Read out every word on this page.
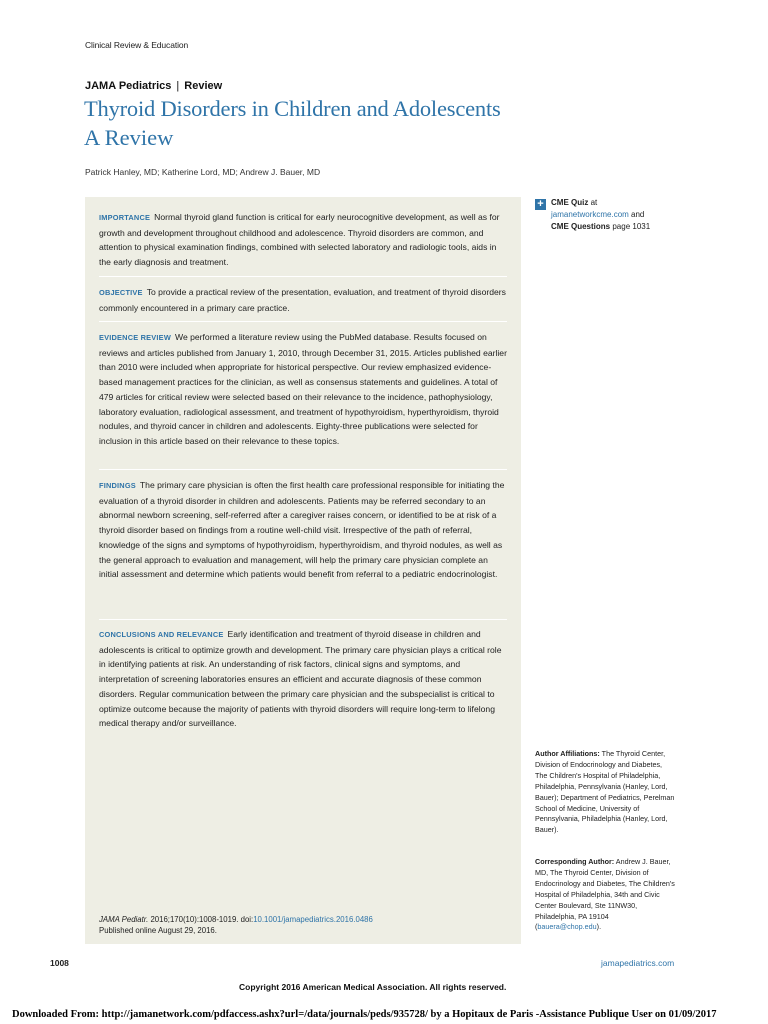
Clinical Review & Education
JAMA Pediatrics | Review
Thyroid Disorders in Children and Adolescents
A Review
Patrick Hanley, MD; Katherine Lord, MD; Andrew J. Bauer, MD
IMPORTANCE Normal thyroid gland function is critical for early neurocognitive development, as well as for growth and development throughout childhood and adolescence. Thyroid disorders are common, and attention to physical examination findings, combined with selected laboratory and radiologic tools, aids in the early diagnosis and treatment.
OBJECTIVE To provide a practical review of the presentation, evaluation, and treatment of thyroid disorders commonly encountered in a primary care practice.
EVIDENCE REVIEW We performed a literature review using the PubMed database. Results focused on reviews and articles published from January 1, 2010, through December 31, 2015. Articles published earlier than 2010 were included when appropriate for historical perspective. Our review emphasized evidence-based management practices for the clinician, as well as consensus statements and guidelines. A total of 479 articles for critical review were selected based on their relevance to the incidence, pathophysiology, laboratory evaluation, radiological assessment, and treatment of hypothyroidism, hyperthyroidism, thyroid nodules, and thyroid cancer in children and adolescents. Eighty-three publications were selected for inclusion in this article based on their relevance to these topics.
FINDINGS The primary care physician is often the first health care professional responsible for initiating the evaluation of a thyroid disorder in children and adolescents. Patients may be referred secondary to an abnormal newborn screening, self-referred after a caregiver raises concern, or identified to be at risk of a thyroid disorder based on findings from a routine well-child visit. Irrespective of the path of referral, knowledge of the signs and symptoms of hypothyroidism, hyperthyroidism, and thyroid nodules, as well as the general approach to evaluation and management, will help the primary care physician complete an initial assessment and determine which patients would benefit from referral to a pediatric endocrinologist.
CONCLUSIONS AND RELEVANCE Early identification and treatment of thyroid disease in children and adolescents is critical to optimize growth and development. The primary care physician plays a critical role in identifying patients at risk. An understanding of risk factors, clinical signs and symptoms, and interpretation of screening laboratories ensures an efficient and accurate diagnosis of these common disorders. Regular communication between the primary care physician and the subspecialist is critical to optimize outcome because the majority of patients with thyroid disorders will require long-term to lifelong medical therapy and/or surveillance.
JAMA Pediatr. 2016;170(10):1008-1019. doi:10.1001/jamapediatrics.2016.0486
Published online August 29, 2016.
+ CME Quiz at
jamanetworkcme.com and
CME Questions page 1031
Author Affiliations: The Thyroid Center, Division of Endocrinology and Diabetes, The Children's Hospital of Philadelphia, Philadelphia, Pennsylvania (Hanley, Lord, Bauer); Department of Pediatrics, Perelman School of Medicine, University of Pennsylvania, Philadelphia (Hanley, Lord, Bauer).
Corresponding Author: Andrew J. Bauer, MD, The Thyroid Center, Division of Endocrinology and Diabetes, The Children's Hospital of Philadelphia, 34th and Civic Center Boulevard, Ste 11NW30, Philadelphia, PA 19104 (bauera@chop.edu).
1008	jamapediatrics.com
Copyright 2016 American Medical Association. All rights reserved.
Downloaded From: http://jamanetwork.com/pdfaccess.ashx?url=/data/journals/peds/935728/ by a Hopitaux de Paris -Assistance Publique User on 01/09/2017
